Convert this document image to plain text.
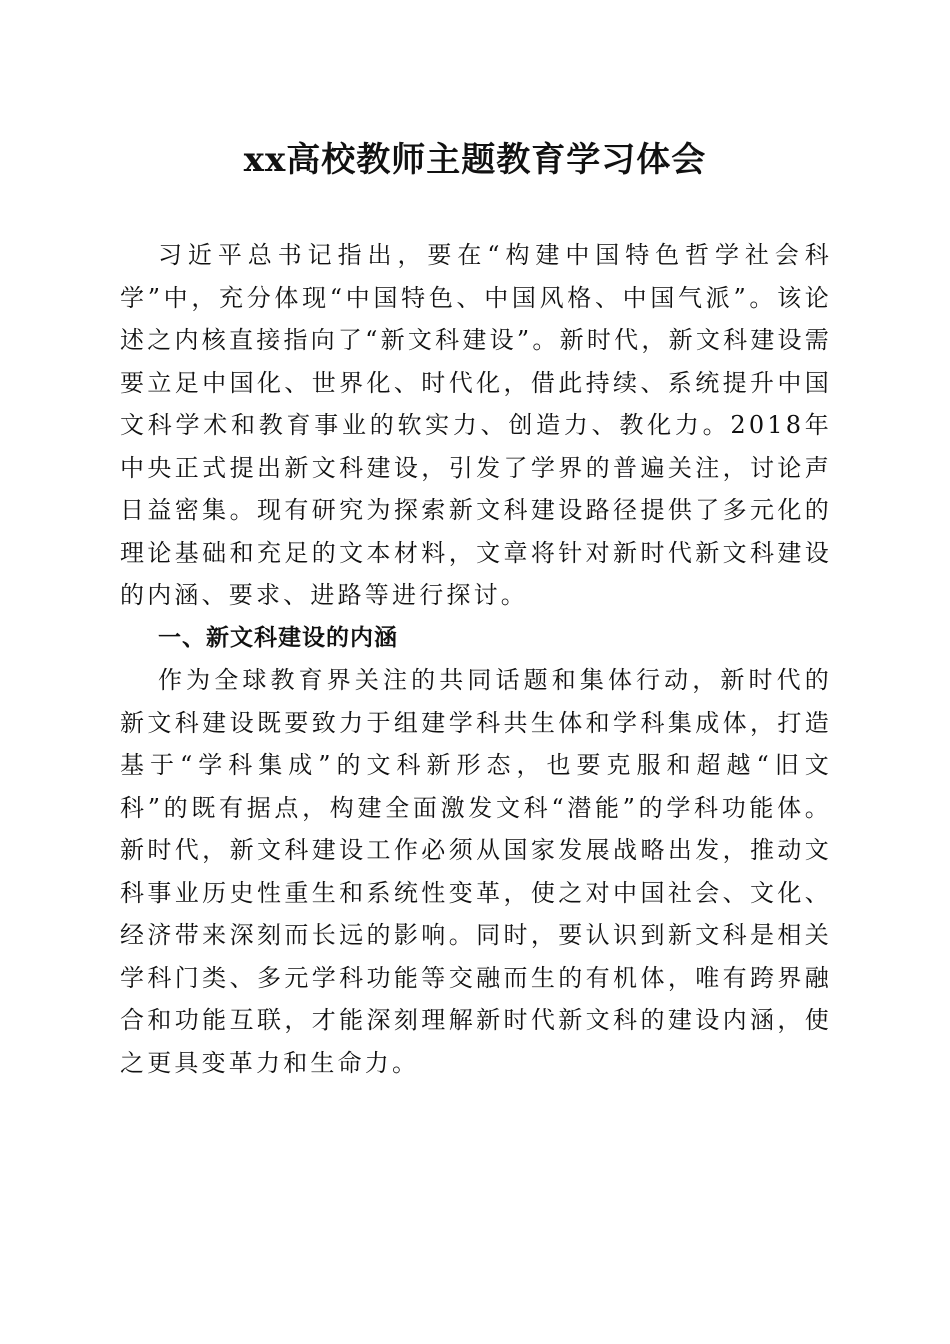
xx高校教师主题教育学习体会

习近平总书记指出，要在“构建中国特色哲学社会科学”中，充分体现“中国特色、中国风格、中国气派”。该论述之内核直接指向了“新文科建设”。新时代，新文科建设需要立足中国化、世界化、时代化，借此持续、系统提升中国文科学术和教育事业的软实力、创造力、教化力。2018年中央正式提出新文科建设，引发了学界的普遍关注，讨论声日益密集。现有研究为探索新文科建设路径提供了多元化的理论基础和充足的文本材料，文章将针对新时代新文科建设的内涵、要求、进路等进行探讨。

一、新文科建设的内涵

作为全球教育界关注的共同话题和集体行动，新时代的新文科建设既要致力于组建学科共生体和学科集成体，打造基于“学科集成”的文科新形态，也要克服和超越“旧文科”的既有据点，构建全面激发文科“潜能”的学科功能体。新时代，新文科建设工作必须从国家发展战略出发，推动文科事业历史性重生和系统性变革，使之对中国社会、文化、经济带来深刻而长远的影响。同时，要认识到新文科是相关学科门类、多元学科功能等交融而生的有机体，唯有跨界融合和功能互联，才能深刻理解新时代新文科的建设内涵，使之更具变革力和生命力。
